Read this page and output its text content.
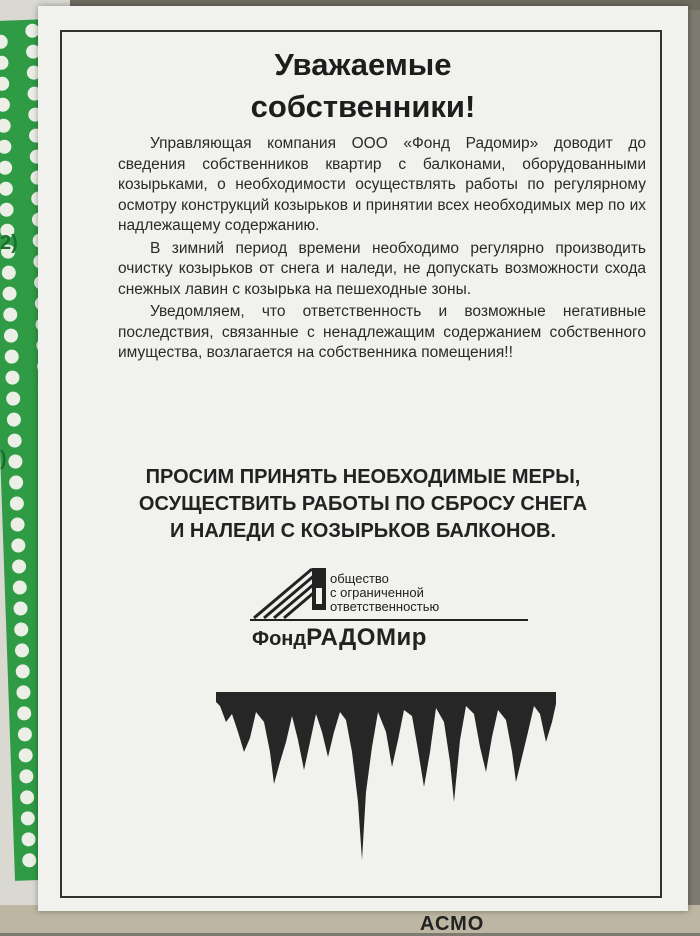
2)
)
АСМО
Уважаемые
собственники!

Управляющая компания ООО «Фонд Радомир» доводит до сведения собственников квартир с балконами, оборудованными козырьками, о необходимости осуществлять работы по регулярному осмотру конструкций козырьков и принятии всех необходимых мер по их надлежащему содержанию.

В зимний период времени необходимо регулярно производить очистку козырьков от снега и наледи, не допускать возможности схода снежных лавин с козырька на пешеходные зоны.

Уведомляем, что ответственность и возможные негативные последствия, связанные с ненадлежащим содержанием собственного имущества, возлагается на собственника помещения!!

ПРОСИМ ПРИНЯТЬ НЕОБХОДИМЫЕ МЕРЫ,
ОСУЩЕСТВИТЬ РАБОТЫ ПО СБРОСУ СНЕГА
И НАЛЕДИ С КОЗЫРЬКОВ БАЛКОНОВ.
общество
с ограниченной
ответственностью
ФондРАДОМир
